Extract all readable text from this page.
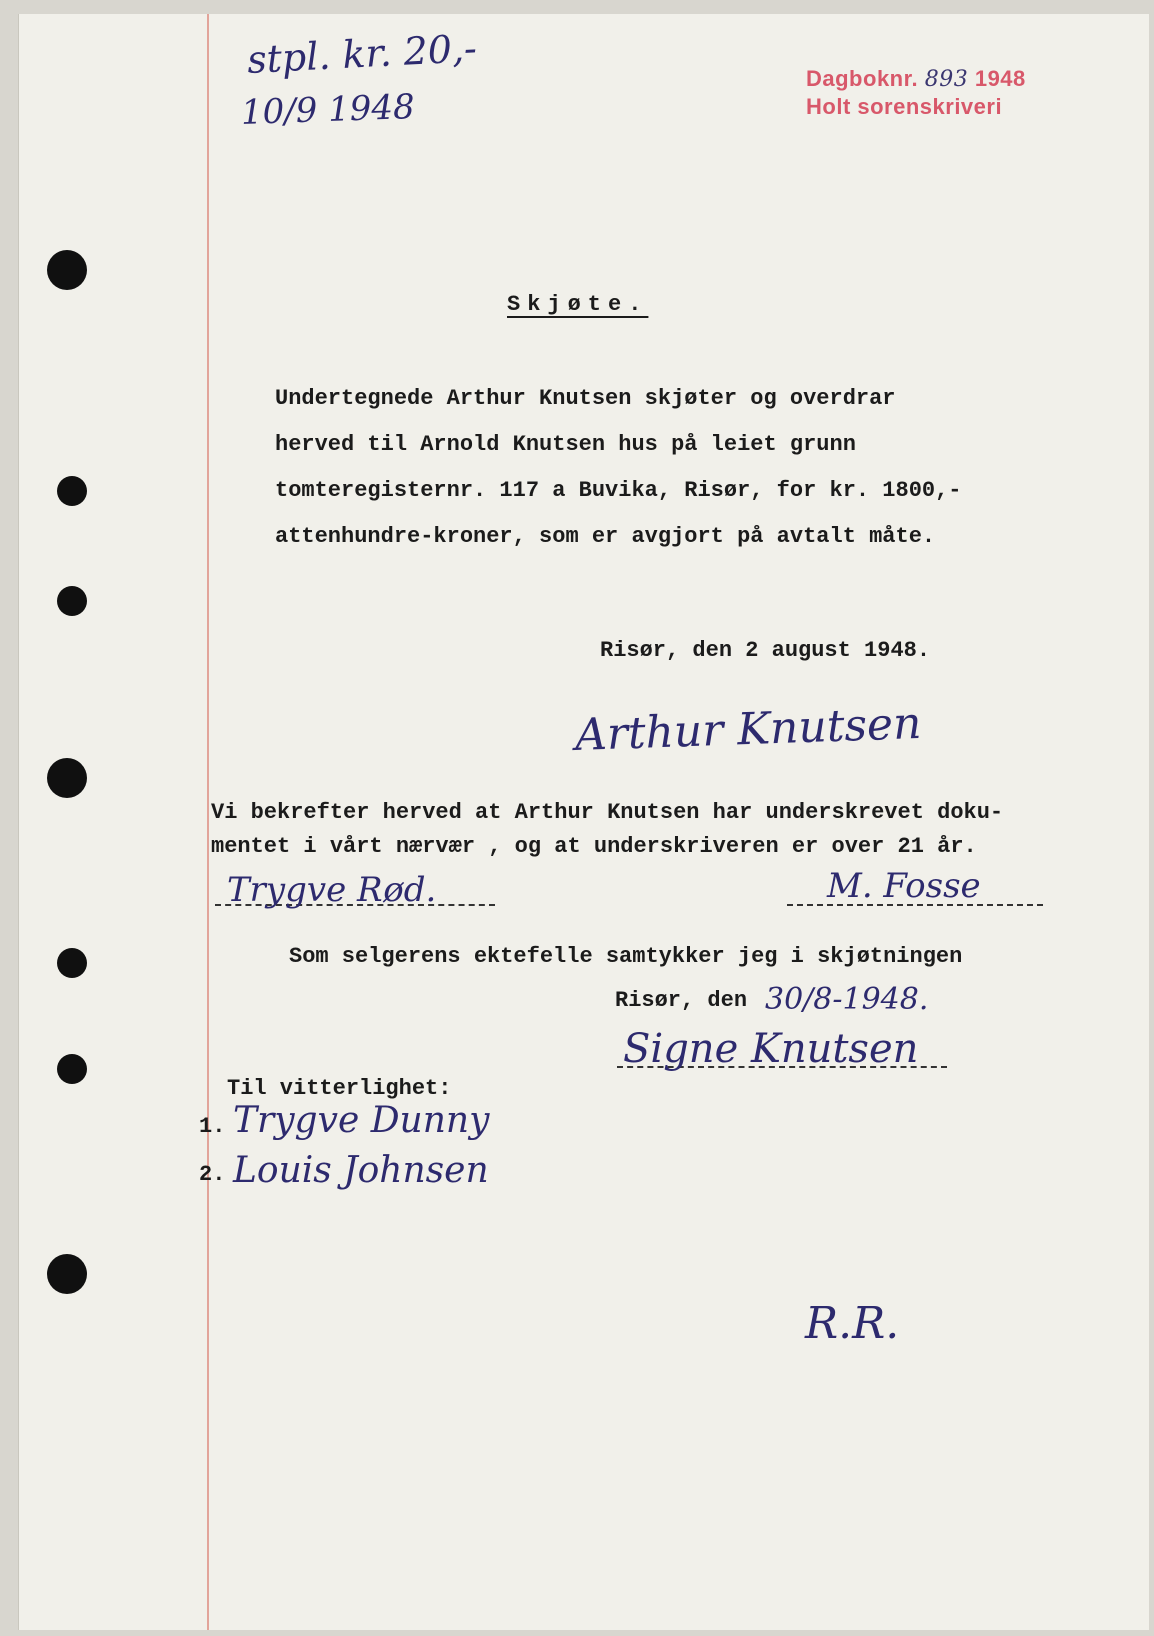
stpl. kr. 20,-
10/9 1948
Dagboknr. 893 1948
Holt sorenskriveri
Skjøte.
Undertegnede Arthur Knutsen skjøter og overdrar
herved til Arnold Knutsen hus på leiet grunn
tomteregisternr. 117 a Buvika, Risør, for kr. 1800,-
attenhundre-kroner, som er avgjort på avtalt måte.
Risør, den 2 august 1948.
Arthur Knutsen
Vi bekrefter herved at Arthur Knutsen har underskrevet doku-
mentet i vårt nærvær , og at underskriveren er over 21 år.
Trygve Rød.	M. Fosse
Som selgerens ektefelle samtykker jeg i skjøtningen
Risør, den 30/8-1948.
Signe Knutsen
Til vitterlighet:
1. Trygve Dunny
2. Louis Johnsen
R.R.
